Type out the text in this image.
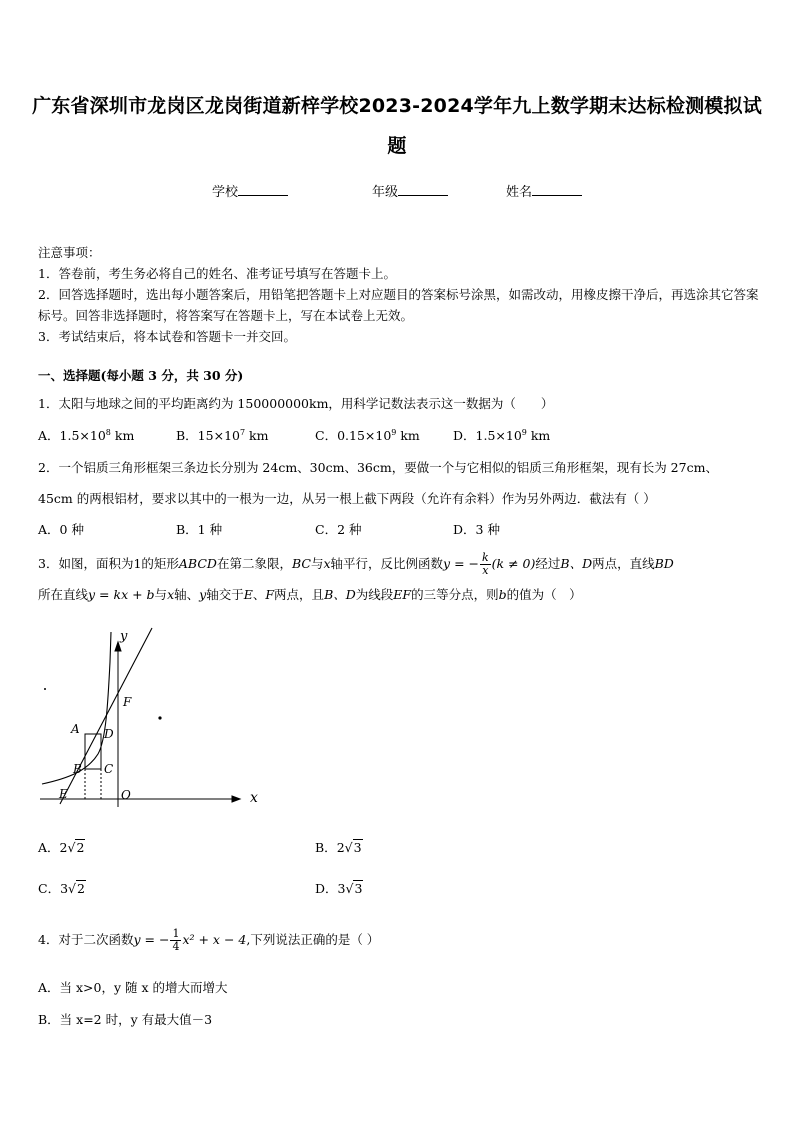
广东省深圳市龙岗区龙岗街道新梓学校2023-2024学年九上数学期末达标检测模拟试
题
学校	年级	姓名

注意事项：

1．答卷前，考生务必将自己的姓名、准考证号填写在答题卡上。

2．回答选择题时，选出每小题答案后，用铅笔把答题卡上对应题目的答案标号涂黑，如需改动，用橡皮擦干净后，再选涂其它答案标号。回答非选择题时，将答案写在答题卡上，写在本试卷上无效。

3．考试结束后，将本试卷和答题卡一并交回。

一、选择题(每小题 3 分，共 30 分)
1．太阳与地球之间的平均距离约为 150000000km，用科学记数法表示这一数据为（　　）
A．$1.5\times 10^8$ km	B．$15\times 10^7$ km	C．$0.15\times 10^9$ km	D．$1.5\times 10^9$ km
2．一个铝质三角形框架三条边长分别为 24cm、30cm、36cm，要做一个与它相似的铝质三角形框架，现有长为 27cm、
45cm 的两根铝材，要求以其中的一根为一边，从另一根上截下两段（允许有余料）作为另外两边．截法有（ ）
A．0 种	B．1 种	C．2 种	D．3 种
3．如图，面积为1的矩形ABCD在第二象限，BC与x轴平行，反比例函数y = − $\frac{k}{x} (k \ne 0)$经过B、D两点，直线BD
所在直线y = kx + b与x轴、y轴交于E、F两点，且B、D为线段EF的三等分点，则b的值为（　）
y
x
A
B C
D
E
F
O
A．2√2	B．2√3
C．3√2	D．3√3
4．对于二次函数y = − $\frac{1}{4} x^2 + x - 4$,下列说法正确的是（ ）
A．当 x>0，y 随 x 的增大而增大
B．当 x=2 时，y 有最大值－3
